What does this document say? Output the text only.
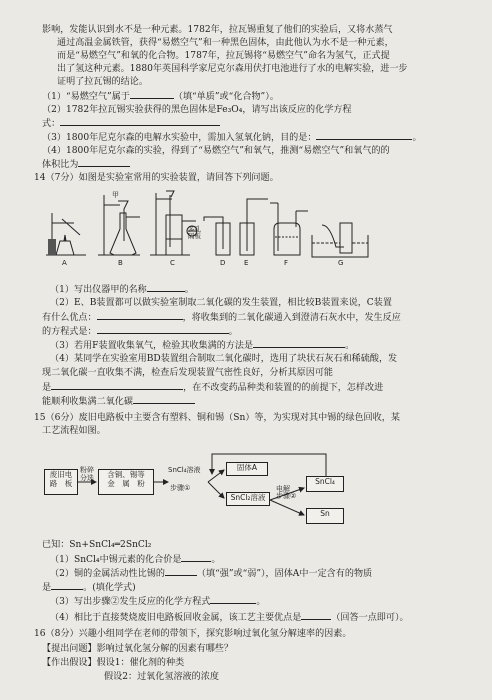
影响，发能认识到水不是一种元素。1782年，拉瓦锡重复了他们的实验后，又将水蒸气
通过高温金属铁管，获得“易燃空气”和一种黑色固体，由此他认为水不是一种元素，
而是“易燃空气”和氧的化合物。1787年，拉瓦锡将“易燃空气”命名为氢气，正式提
出了氢这种元素。1880年英国科学家尼克尔森用伏打电池进行了水的电解实验，进一步
证明了拉瓦锡的结论。
（1）“易燃空气”属于	（填“单质”或“化合物”）。
（2）1782年拉瓦锡实验获得的黑色固体是Fe₃O₄，请写出该反应的化学方程
式：
（3）1800年尼克尔森的电解水实验中，需加入氢氧化钠，目的是：	。
（4）1800年尼克尔森的实验，得到了“易燃空气”和氧气，推测“易燃空气”和氧气的的
体积比为
14（7分）如图是实验室常用的实验装置，请回答下列问题。
甲
A	B	C	D	E	F	G
多孔
隔板
（1）写出仪器甲的名称	。
（2）E、B装置都可以做实验室制取二氧化碳的发生装置，相比较B装置来说，C装置
有什么优点：	，将收集到的二氧化碳通入到澄清石灰水中，发生反应
的方程式是：	。
（3）若用F装置收集氧气，检验其收集满的方法是	。
（4）某同学在实验室用BD装置组合制取二氧化碳时，选用了块状石灰石和稀硫酸，发
现二氧化碳一直收集不满，检查后发现装置气密性良好，分析其原因可能
是	，在不改变药品种类和装置的的前提下，怎样改进
能顺利收集满二氧化碳
15（6分）废旧电路板中主要含有塑料、铜和锡（Sn）等，为实现对其中锡的绿色回收，某
工艺流程如图。
废旧电
路　板
粉碎
分选	含铜、锡等
金　属　粉
SnCl₄溶液
步骤①
固体A
SnCl₂溶液
电解
步骤②
SnCl₄
Sn
已知：Sn+SnCl₄═2SnCl₂
（1）SnCl₄中锡元素的化合价是	。
（2）铜的金属活动性比锡的	（填“强”或“弱”），固体A中一定含有的物质
是	。(填化学式)
（3）写出步骤②发生反应的化学方程式	。
（4）相比于直接焚烧废旧电路板回收金属，该工艺主要优点是	（回答一点即可）。
16（8分）兴趣小组同学在老师的带领下，探究影响过氧化氢分解速率的因素。
【提出问题】影响过氧化氢分解的因素有哪些？
【作出假设】假设1：催化剂的种类
假设2：过氧化氢溶液的浓度
